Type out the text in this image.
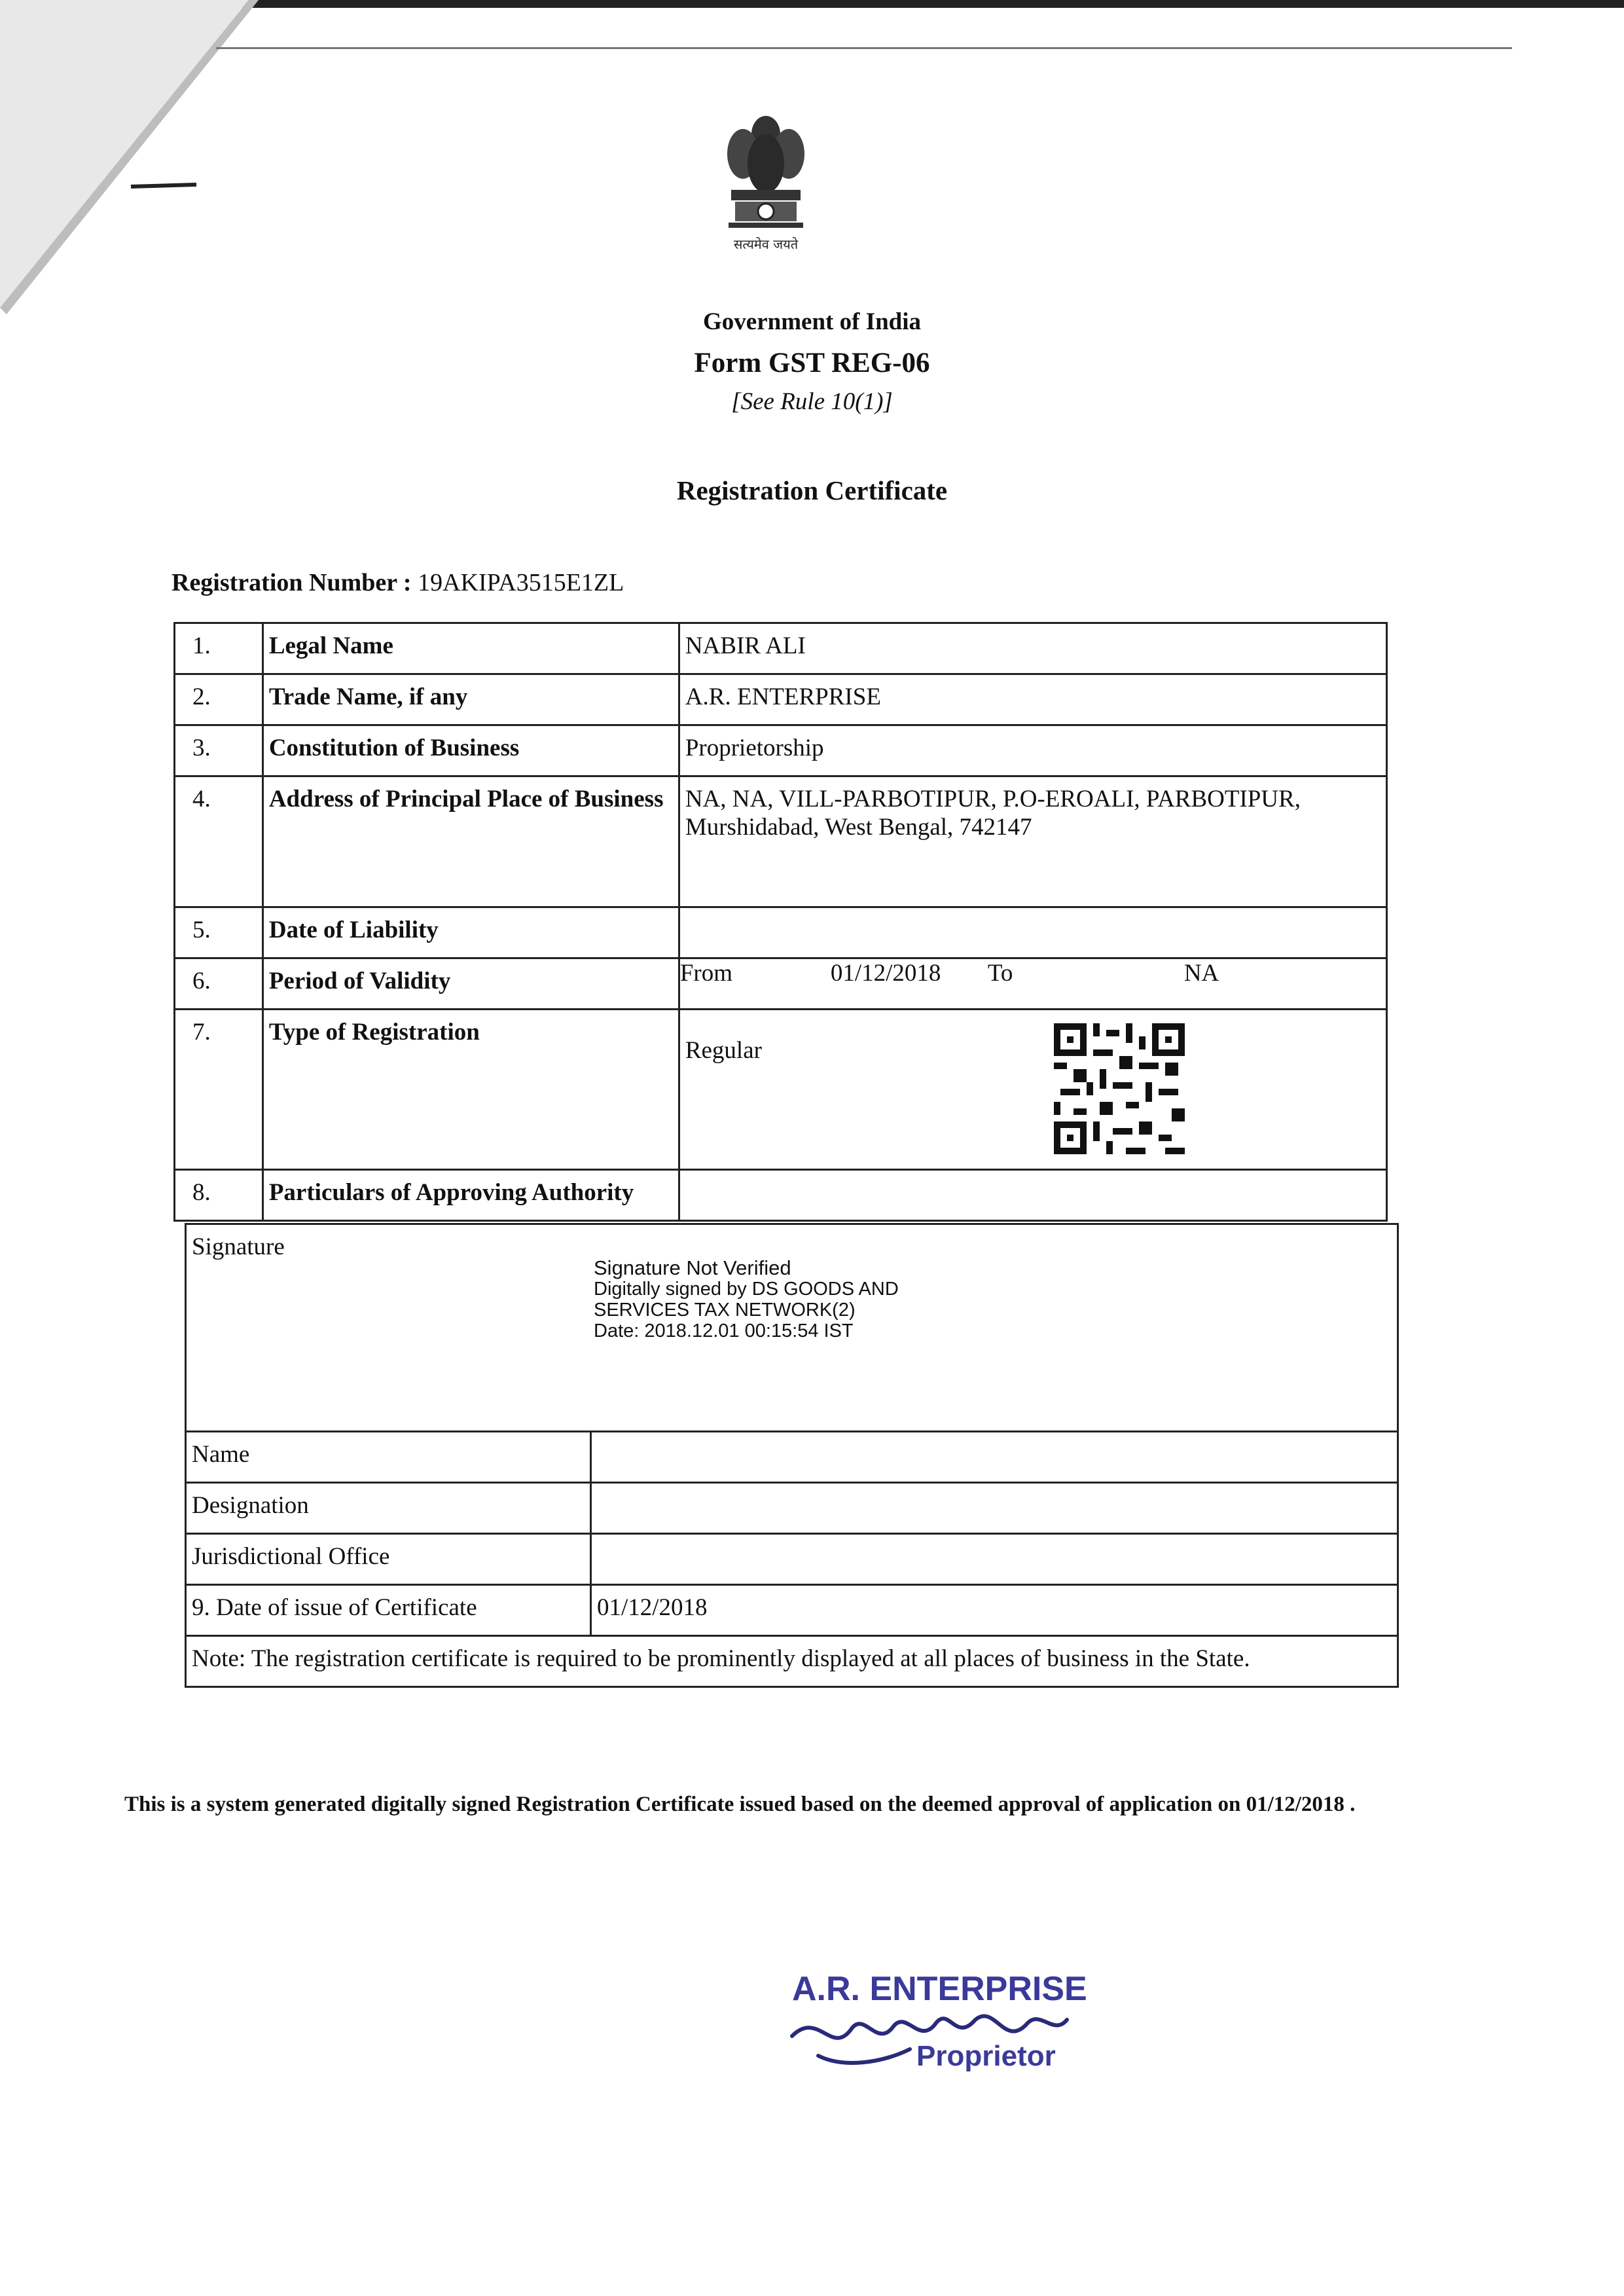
सत्यमेव जयते
Government of India
Form GST REG-06
[See Rule 10(1)]
Registration Certificate
Registration Number : 19AKIPA3515E1ZL
1.	Legal Name	NABIR ALI
2.	Trade Name, if any	A.R. ENTERPRISE
3.	Constitution of Business	Proprietorship
4.	Address of Principal Place of Business	NA, NA, VILL-PARBOTIPUR, P.O-EROALI, PARBOTIPUR, Murshidabad, West Bengal, 742147
5.	Date of Liability	
6.	Period of Validity		From	01/12/2018	To	NA

7.	Type of Registration	Regular
8.	Particulars of Approving Authority	
Signature
Signature Not Verified
Digitally signed by DS GOODS AND
SERVICES TAX NETWORK(2)
Date: 2018.12.01 00:15:54 IST	

Name	
Designation	
Jurisdictional Office	
9. Date of issue of Certificate	01/12/2018
Note: The registration certificate is required to be prominently displayed at all places of business in the State.	
This is a system generated digitally signed Registration Certificate issued based on the deemed approval of application on 01/12/2018 .
A.R. ENTERPRISE
Proprietor
